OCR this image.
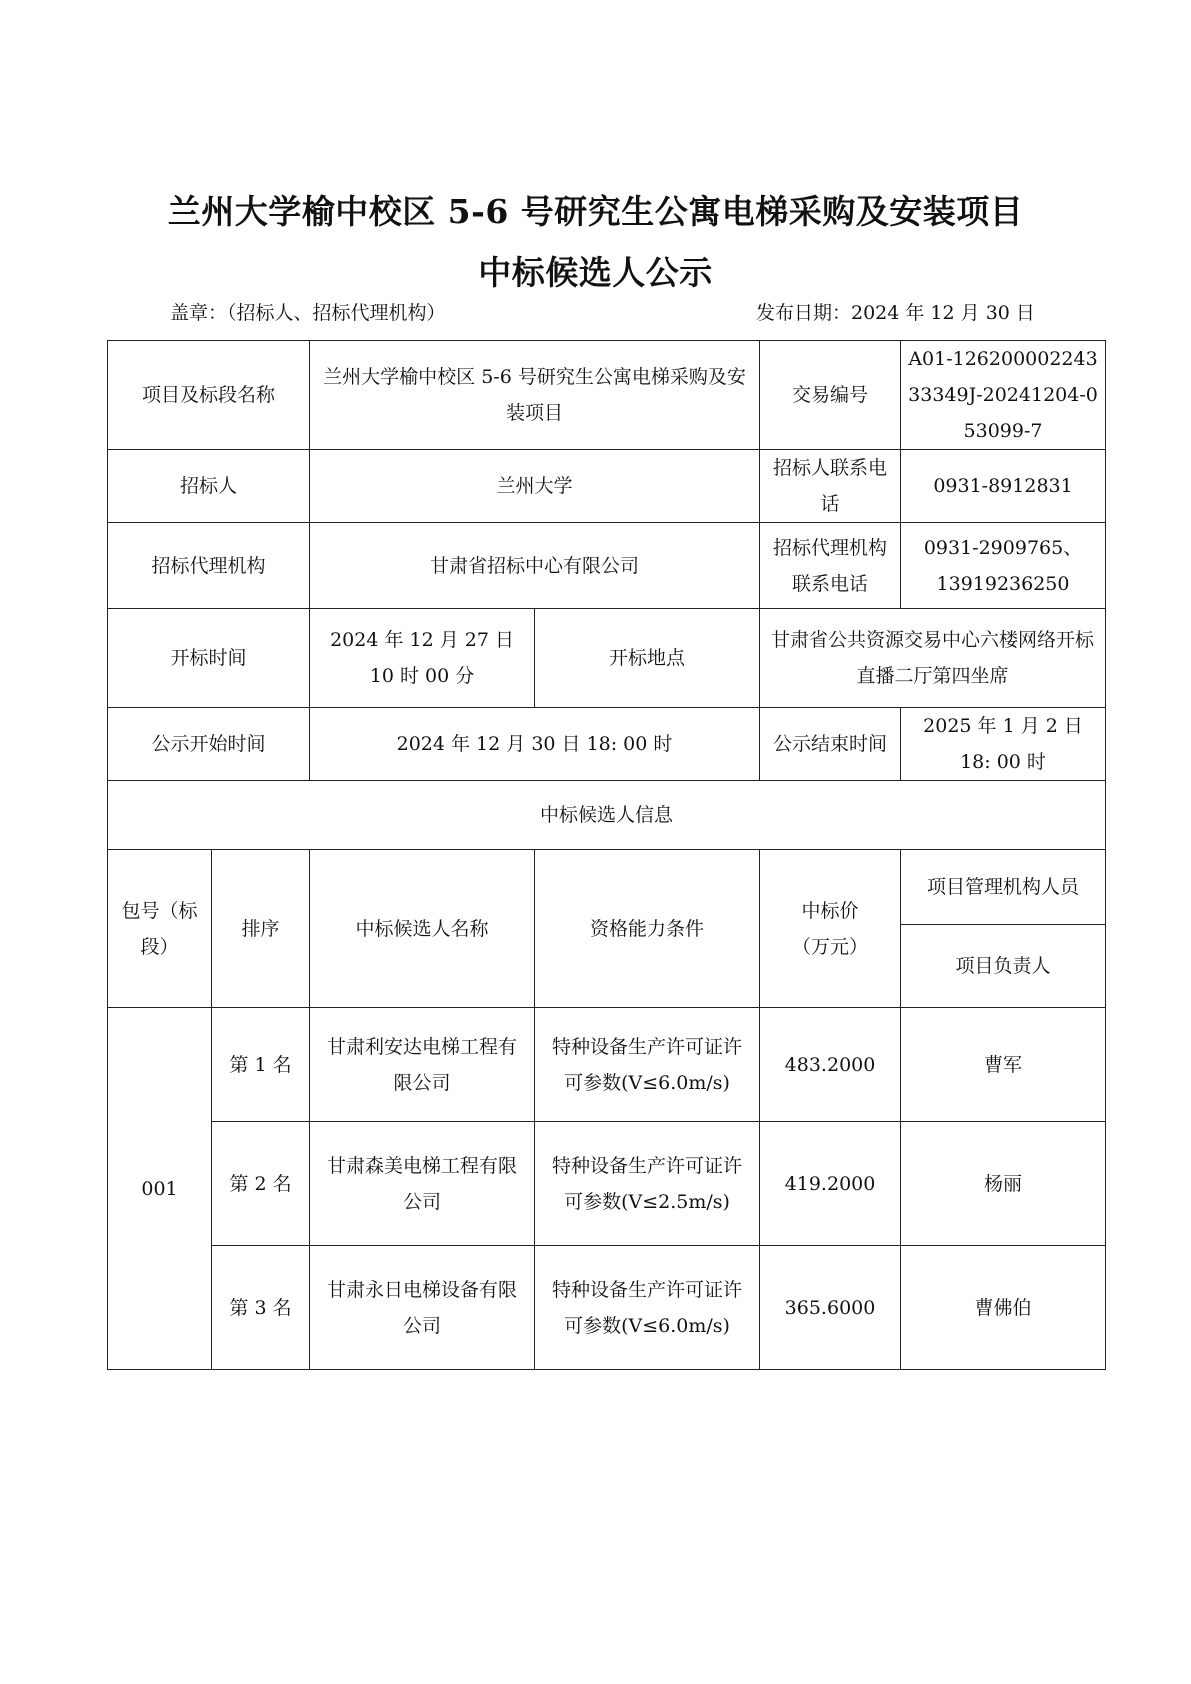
兰州大学榆中校区 5-6 号研究生公寓电梯采购及安装项目
中标候选人公示
盖章：（招标人、招标代理机构）	发布日期：2024 年 12 月 30 日
项目及标段名称		兰州大学榆中校区 5-6 号研究生公寓电梯采购及安装项目		交易编号	A01-12620000224333349J-20241204-053099-7
招标人		兰州大学		招标人联系电话	0931-8912831
招标代理机构		甘肃省招标中心有限公司		招标代理机构联系电话	0931-2909765、13919236250
开标时间		2024 年 12 月 27 日 10 时 00 分	开标地点	甘肃省公共资源交易中心六楼网络开标直播二厅第四坐席	
公示开始时间		2024 年 12 月 30 日 18: 00 时		公示结束时间	2025 年 1 月 2 日 18: 00 时
中标候选人信息					
包号（标段）	排序	中标候选人名称	资格能力条件	中标价（万元）	项目管理机构人员
					项目负责人
001	第 1 名	甘肃利安达电梯工程有限公司	特种设备生产许可证许可参数(V≤6.0m/s)	483.2000	曹军
	第 2 名	甘肃森美电梯工程有限公司	特种设备生产许可证许可参数(V≤2.5m/s)	419.2000	杨丽
	第 3 名	甘肃永日电梯设备有限公司	特种设备生产许可证许可参数(V≤6.0m/s)	365.6000	曹佛伯
